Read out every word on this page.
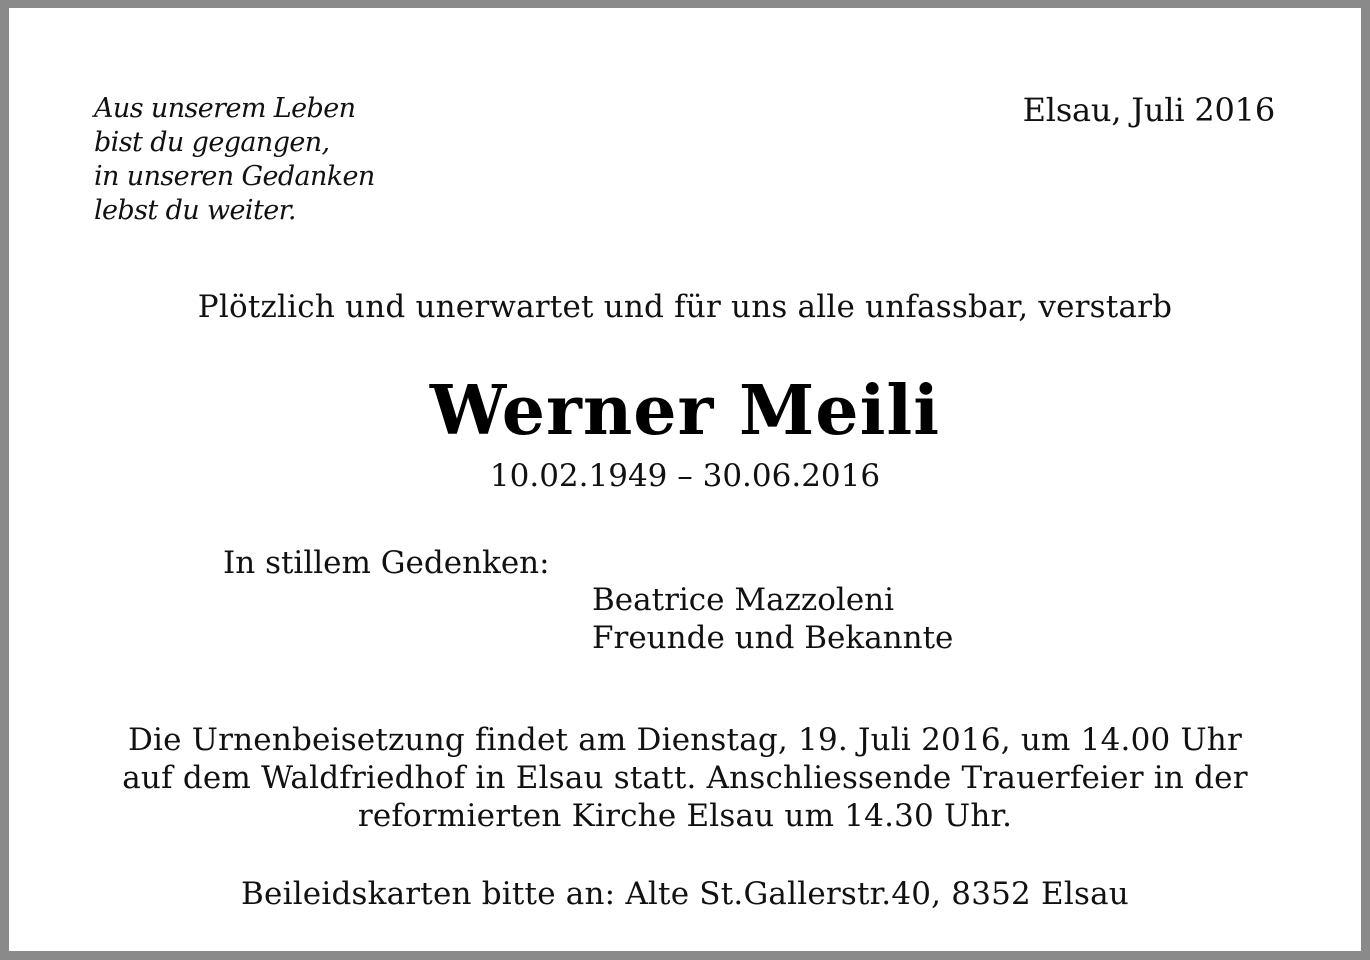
Aus unserem Leben
bist du gegangen,
in unseren Gedanken
lebst du weiter.
Elsau, Juli 2016
Plötzlich und unerwartet und für uns alle unfassbar, verstarb
Werner Meili
10.02.1949 – 30.06.2016
In stillem Gedenken:
Beatrice Mazzoleni
Freunde und Bekannte
Die Urnenbeisetzung findet am Dienstag, 19. Juli 2016, um 14.00 Uhr
auf dem Waldfriedhof in Elsau statt. Anschliessende Trauerfeier in der
reformierten Kirche Elsau um 14.30 Uhr.
Beileidskarten bitte an: Alte St.Gallerstr.40, 8352 Elsau
